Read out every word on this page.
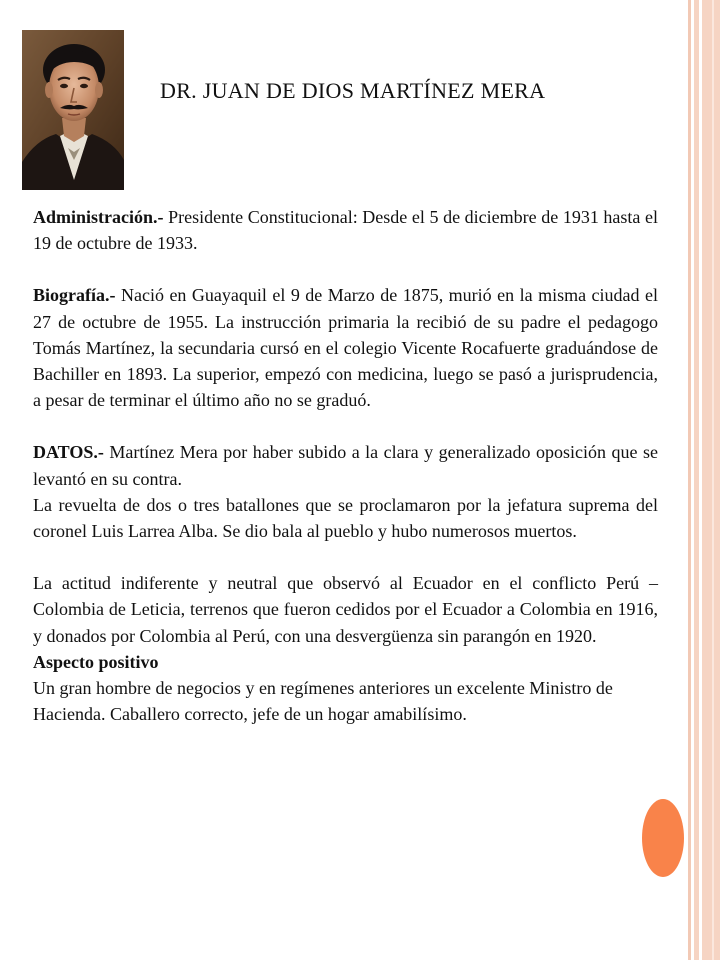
DR. JUAN DE DIOS MARTÍNEZ MERA

Administración.- Presidente Constitucional: Desde el 5 de diciembre de 1931 hasta el 19 de octubre de 1933.

Biografía.- Nació en Guayaquil el 9 de Marzo de 1875, murió en la misma ciudad el 27 de octubre de 1955. La instrucción primaria la recibió de su padre el pedagogo Tomás Martínez, la secundaria cursó en el colegio Vicente Rocafuerte graduándose de Bachiller en 1893. La superior, empezó con medicina, luego se pasó a jurisprudencia, a pesar de terminar el último año no se graduó.

DATOS.- Martínez Mera por haber subido a la clara y generalizado oposición que se levantó en su contra.

La revuelta de dos o tres batallones que se proclamaron por la jefatura suprema del coronel Luis Larrea Alba. Se dio bala al pueblo y hubo numerosos muertos.

La actitud indiferente y neutral que observó al Ecuador en el conflicto Perú – Colombia de Leticia, terrenos que fueron cedidos por el Ecuador a Colombia en 1916, y donados por Colombia al Perú, con una desvergüenza sin parangón en 1920.

Aspecto positivo

Un gran hombre de negocios y en regímenes anteriores un excelente Ministro de Hacienda. Caballero correcto, jefe de un hogar amabilísimo.
